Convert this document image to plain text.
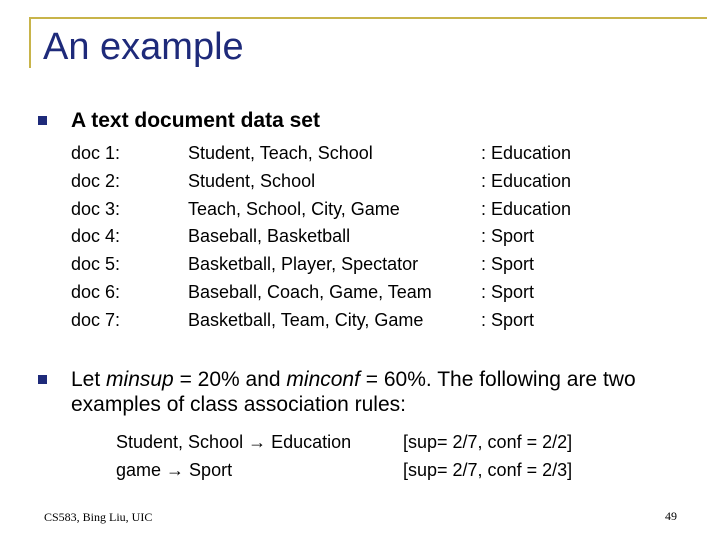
An example
A text document data set
doc 1:	Student, Teach, School	: Education
doc 2:	Student, School	: Education
doc 3:	Teach, School, City, Game	: Education
doc 4:	Baseball, Basketball	: Sport
doc 5:	Basketball, Player, Spectator	: Sport
doc 6:	Baseball, Coach, Game, Team	: Sport
doc 7:	Basketball, Team, City, Game	: Sport
Let minsup = 20% and minconf = 60%. The following are two examples of class association rules:
Student, School → Education	[sup= 2/7, conf = 2/2]
game → Sport	[sup= 2/7, conf = 2/3]
CS583, Bing Liu, UIC	49
